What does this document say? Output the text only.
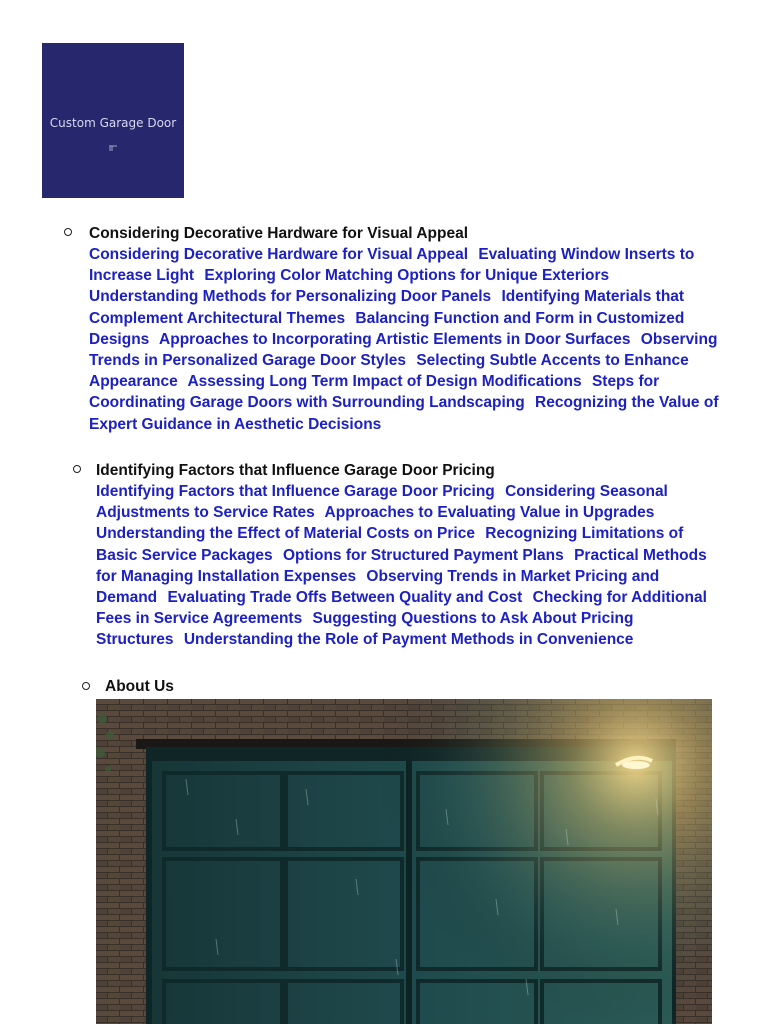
Custom Garage Door

Considering Decorative Hardware for Visual Appeal

Considering Decorative Hardware for Visual Appeal Evaluating Window Inserts to Increase Light Exploring Color Matching Options for Unique Exteriors Understanding Methods for Personalizing Door Panels Identifying Materials that Complement Architectural Themes Balancing Function and Form in Customized Designs Approaches to Incorporating Artistic Elements in Door Surfaces Observing Trends in Personalized Garage Door Styles Selecting Subtle Accents to Enhance Appearance Assessing Long Term Impact of Design Modifications Steps for Coordinating Garage Doors with Surrounding Landscaping Recognizing the Value of Expert Guidance in Aesthetic Decisions

Identifying Factors that Influence Garage Door Pricing

Identifying Factors that Influence Garage Door Pricing Considering Seasonal Adjustments to Service Rates Approaches to Evaluating Value in Upgrades Understanding the Effect of Material Costs on Price Recognizing Limitations of Basic Service Packages Options for Structured Payment Plans Practical Methods for Managing Installation Expenses Observing Trends in Market Pricing and Demand Evaluating Trade Offs Between Quality and Cost Checking for Additional Fees in Service Agreements Suggesting Questions to Ask About Pricing Structures Understanding the Role of Payment Methods in Convenience

About Us
